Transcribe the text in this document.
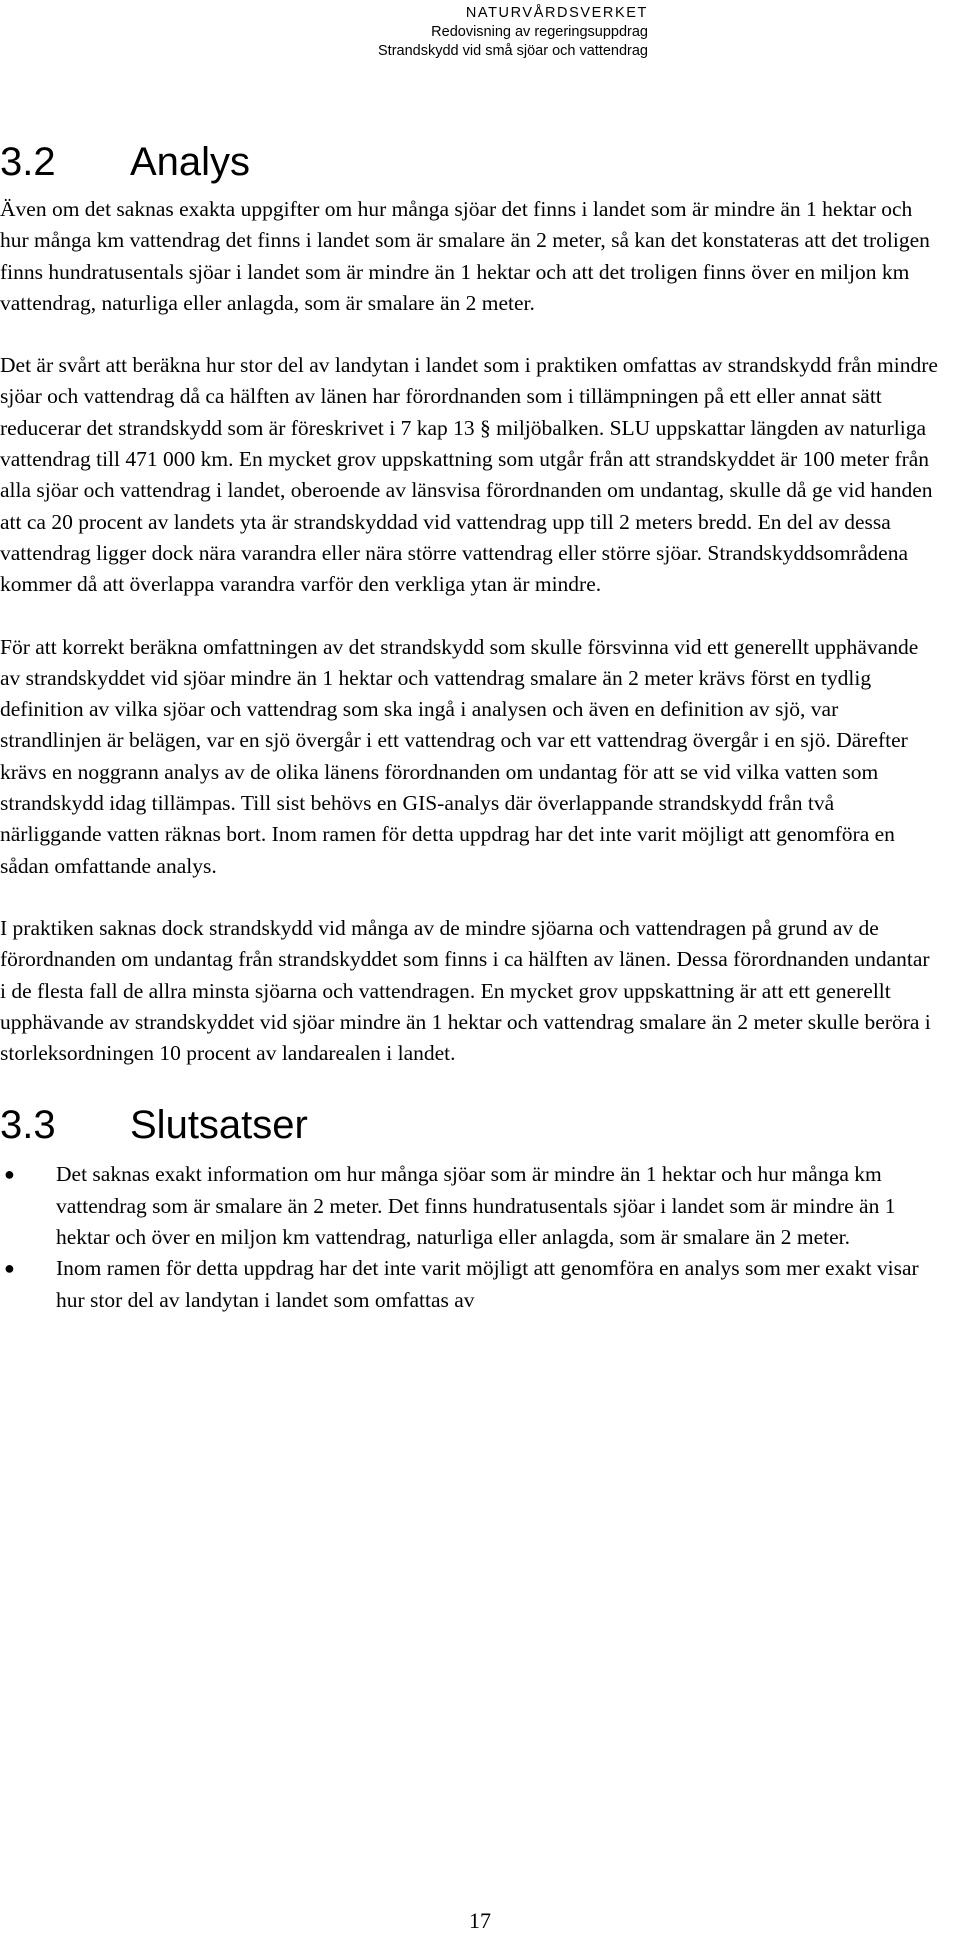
NATURVÅRDSVERKET
Redovisning av regeringsuppdrag
Strandskydd vid små sjöar och vattendrag
3.2	Analys

Även om det saknas exakta uppgifter om hur många sjöar det finns i landet som är mindre än 1 hektar och hur många km vattendrag det finns i landet som är smalare än 2 meter, så kan det konstateras att det troligen finns hundratusentals sjöar i landet som är mindre än 1 hektar och att det troligen finns över en miljon km vattendrag, naturliga eller anlagda, som är smalare än 2 meter.

Det är svårt att beräkna hur stor del av landytan i landet som i praktiken omfattas av strandskydd från mindre sjöar och vattendrag då ca hälften av länen har förordnanden som i tillämpningen på ett eller annat sätt reducerar det strandskydd som är föreskrivet i 7 kap 13 § miljöbalken. SLU uppskattar längden av naturliga vattendrag till 471 000 km. En mycket grov uppskattning som utgår från att strandskyddet är 100 meter från alla sjöar och vattendrag i landet, oberoende av länsvisa förordnanden om undantag, skulle då ge vid handen att ca 20 procent av landets yta är strandskyddad vid vattendrag upp till 2 meters bredd. En del av dessa vattendrag ligger dock nära varandra eller nära större vattendrag eller större sjöar. Strandskyddsområdena kommer då att överlappa varandra varför den verkliga ytan är mindre.

För att korrekt beräkna omfattningen av det strandskydd som skulle försvinna vid ett generellt upphävande av strandskyddet vid sjöar mindre än 1 hektar och vattendrag smalare än 2 meter krävs först en tydlig definition av vilka sjöar och vattendrag som ska ingå i analysen och även en definition av sjö, var strandlinjen är belägen, var en sjö övergår i ett vattendrag och var ett vattendrag övergår i en sjö. Därefter krävs en noggrann analys av de olika länens förordnanden om undantag för att se vid vilka vatten som strandskydd idag tillämpas. Till sist behövs en GIS-analys där överlappande strandskydd från två närliggande vatten räknas bort. Inom ramen för detta uppdrag har det inte varit möjligt att genomföra en sådan omfattande analys.

I praktiken saknas dock strandskydd vid många av de mindre sjöarna och vattendragen på grund av de förordnanden om undantag från strandskyddet som finns i ca hälften av länen. Dessa förordnanden undantar i de flesta fall de allra minsta sjöarna och vattendragen. En mycket grov uppskattning är att ett generellt upphävande av strandskyddet vid sjöar mindre än 1 hektar och vattendrag smalare än 2 meter skulle beröra i storleksordningen 10 procent av landarealen i landet.

3.3	Slutsatser
● Det saknas exakt information om hur många sjöar som är mindre än 1 hektar och hur många km vattendrag som är smalare än 2 meter. Det finns hundratusentals sjöar i landet som är mindre än 1 hektar och över en miljon km vattendrag, naturliga eller anlagda, som är smalare än 2 meter.
● Inom ramen för detta uppdrag har det inte varit möjligt att genomföra en analys som mer exakt visar hur stor del av landytan i landet som omfattas av
17
